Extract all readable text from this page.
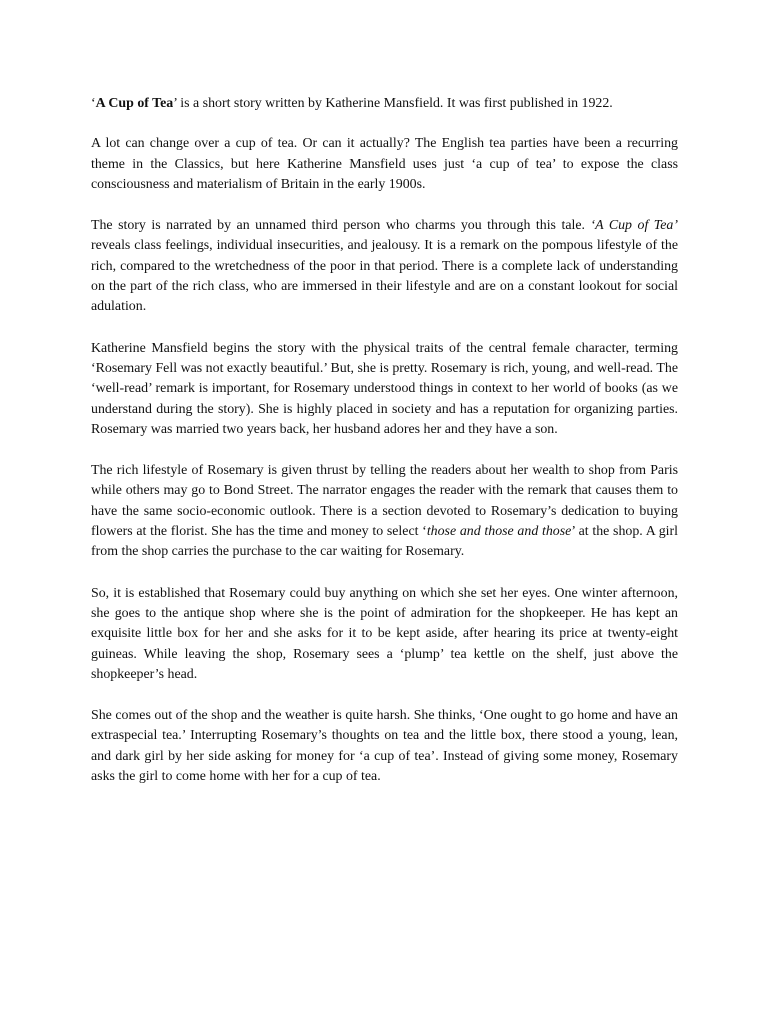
‘A Cup of Tea’ is a short story written by Katherine Mansfield. It was first published in 1922.

A lot can change over a cup of tea. Or can it actually? The English tea parties have been a recurring theme in the Classics, but here Katherine Mansfield uses just ‘a cup of tea’ to expose the class consciousness and materialism of Britain in the early 1900s.

The story is narrated by an unnamed third person who charms you through this tale. ‘A Cup of Tea’ reveals class feelings, individual insecurities, and jealousy. It is a remark on the pompous lifestyle of the rich, compared to the wretchedness of the poor in that period. There is a complete lack of understanding on the part of the rich class, who are immersed in their lifestyle and are on a constant lookout for social adulation.

Katherine Mansfield begins the story with the physical traits of the central female character, terming ‘Rosemary Fell was not exactly beautiful.’ But, she is pretty. Rosemary is rich, young, and well-read. The ‘well-read’ remark is important, for Rosemary understood things in context to her world of books (as we understand during the story). She is highly placed in society and has a reputation for organizing parties. Rosemary was married two years back, her husband adores her and they have a son.

The rich lifestyle of Rosemary is given thrust by telling the readers about her wealth to shop from Paris while others may go to Bond Street. The narrator engages the reader with the remark that causes them to have the same socio-economic outlook. There is a section devoted to Rosemary’s dedication to buying flowers at the florist. She has the time and money to select ‘those and those and those’ at the shop. A girl from the shop carries the purchase to the car waiting for Rosemary.

So, it is established that Rosemary could buy anything on which she set her eyes. One winter afternoon, she goes to the antique shop where she is the point of admiration for the shopkeeper. He has kept an exquisite little box for her and she asks for it to be kept aside, after hearing its price at twenty-eight guineas. While leaving the shop, Rosemary sees a ‘plump’ tea kettle on the shelf, just above the shopkeeper’s head.

She comes out of the shop and the weather is quite harsh. She thinks, ‘One ought to go home and have an extraspecial tea.’ Interrupting Rosemary’s thoughts on tea and the little box, there stood a young, lean, and dark girl by her side asking for money for ‘a cup of tea’. Instead of giving some money, Rosemary asks the girl to come home with her for a cup of tea.
